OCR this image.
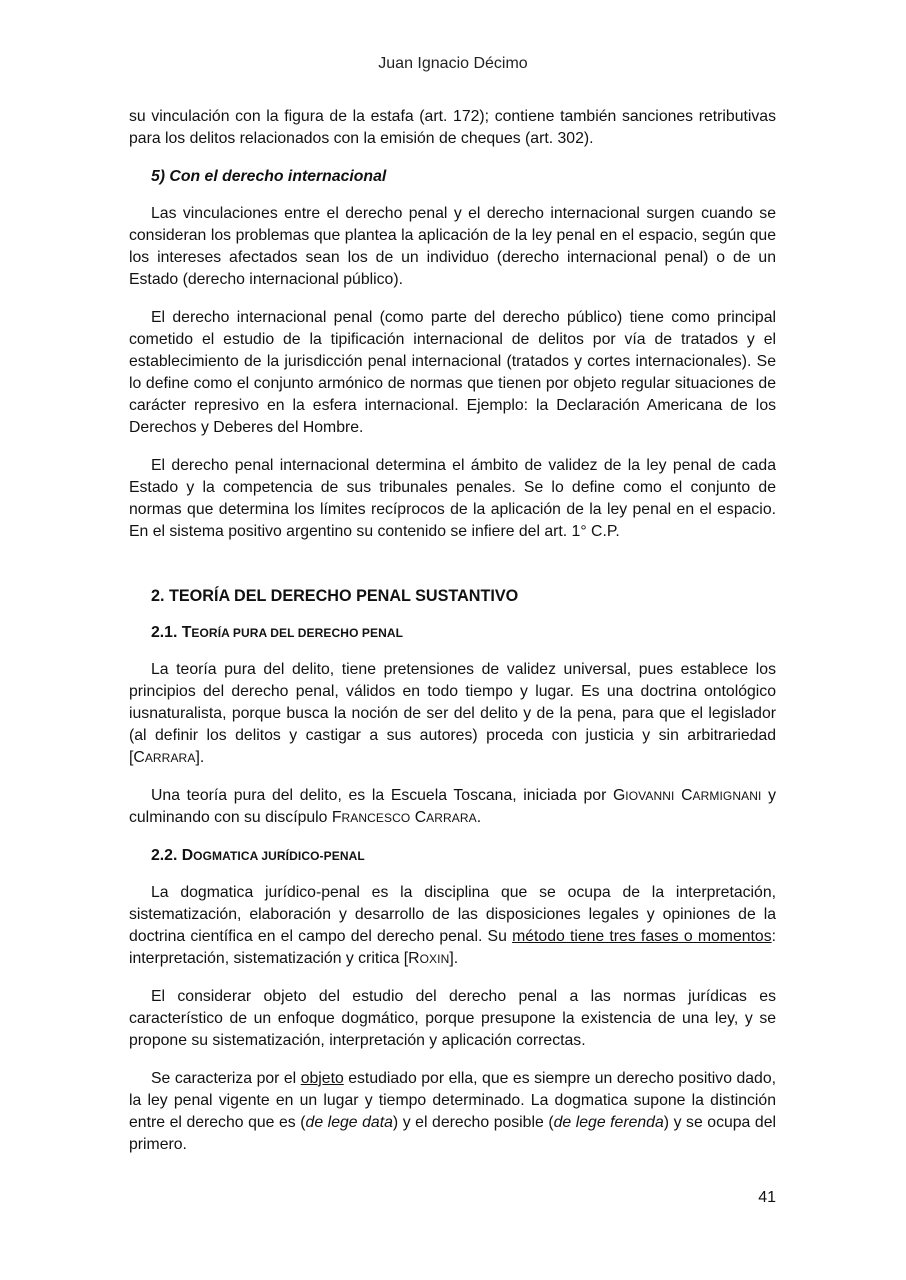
Juan Ignacio Décimo

su vinculación con la figura de la estafa (art. 172); contiene también sanciones retributivas para los delitos relacionados con la emisión de cheques (art. 302).

5) Con el derecho internacional

Las vinculaciones entre el derecho penal y el derecho internacional surgen cuando se consideran los problemas que plantea la aplicación de la ley penal en el espacio, según que los intereses afectados sean los de un individuo (derecho internacional penal) o de un Estado (derecho internacional público).

El derecho internacional penal (como parte del derecho público) tiene como principal cometido el estudio de la tipificación internacional de delitos por vía de tratados y el establecimiento de la jurisdicción penal internacional (tratados y cortes internacionales). Se lo define como el conjunto armónico de normas que tienen por objeto regular situaciones de carácter represivo en la esfera internacional. Ejemplo: la Declaración Americana de los Derechos y Deberes del Hombre.

El derecho penal internacional determina el ámbito de validez de la ley penal de cada Estado y la competencia de sus tribunales penales. Se lo define como el conjunto de normas que determina los límites recíprocos de la aplicación de la ley penal en el espacio. En el sistema positivo argentino su contenido se infiere del art. 1° C.P.

2. TEORÍA DEL DERECHO PENAL SUSTANTIVO

2.1. TEORÍA PURA DEL DERECHO PENAL

La teoría pura del delito, tiene pretensiones de validez universal, pues establece los principios del derecho penal, válidos en todo tiempo y lugar. Es una doctrina ontológico iusnaturalista, porque busca la noción de ser del delito y de la pena, para que el legislador (al definir los delitos y castigar a sus autores) proceda con justicia y sin arbitrariedad [CARRARA].

Una teoría pura del delito, es la Escuela Toscana, iniciada por GIOVANNI CARMIGNANI y culminando con su discípulo FRANCESCO CARRARA.

2.2. DOGMATICA JURÍDICO-PENAL

La dogmatica jurídico-penal es la disciplina que se ocupa de la interpretación, sistematización, elaboración y desarrollo de las disposiciones legales y opiniones de la doctrina científica en el campo del derecho penal. Su método tiene tres fases o momentos: interpretación, sistematización y critica [ROXIN].

El considerar objeto del estudio del derecho penal a las normas jurídicas es característico de un enfoque dogmático, porque presupone la existencia de una ley, y se propone su sistematización, interpretación y aplicación correctas.

Se caracteriza por el objeto estudiado por ella, que es siempre un derecho positivo dado, la ley penal vigente en un lugar y tiempo determinado. La dogmatica supone la distinción entre el derecho que es (de lege data) y el derecho posible (de lege ferenda) y se ocupa del primero.

41
